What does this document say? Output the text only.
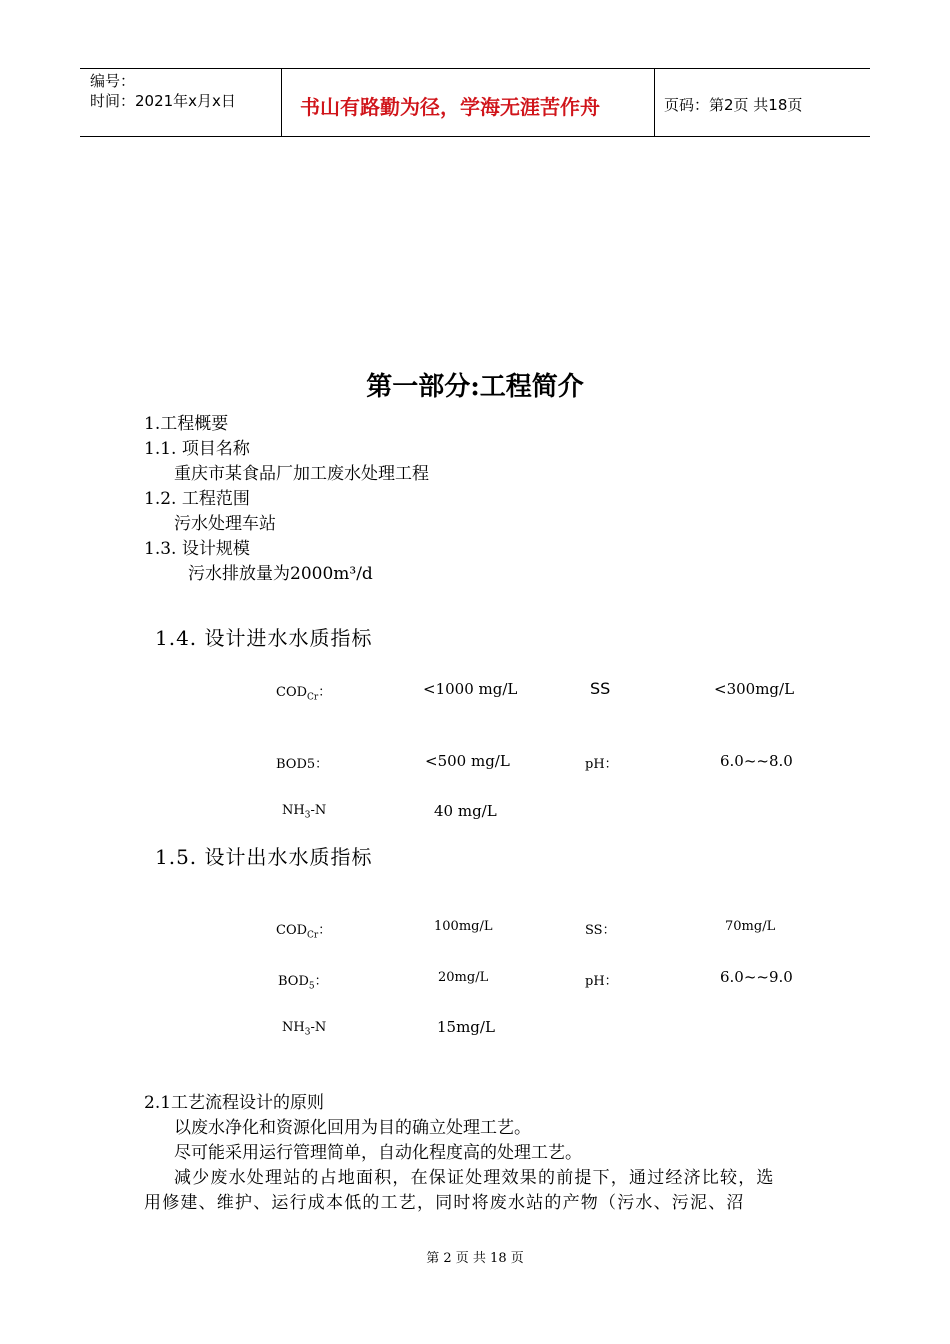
编号：
时间：2021年x月x日	书山有路勤为径，学海无涯苦作舟	页码：第2页 共18页
第一部分:工程简介
1.工程概要
1.1. 项目名称
重庆市某食品厂加工废水处理工程
1.2. 工程范围
污水处理车站
1.3. 设计规模
污水排放量为2000m³/d
1.4. 设计进水水质指标
$COD_{Cr}$：	<1000 mg/L	SS	<300mg/L
BOD5：	<500 mg/L	pH：	6.0~~8.0
$NH_3-N$	40 mg/L
1.5. 设计出水水质指标
$COD_{Cr}$：	100mg/L	SS：	70mg/L
$BOD_5$：	20mg/L	pH：	6.0~~9.0
$NH_3-N$	15mg/L
2.1工艺流程设计的原则
以废水净化和资源化回用为目的确立处理工艺。
尽可能采用运行管理简单，自动化程度高的处理工艺。
减少废水处理站的占地面积，在保证处理效果的前提下，通过经济比较，选
用修建、维护、运行成本低的工艺，同时将废水站的产物（污水、污泥、沼
第 2 页 共 18 页
